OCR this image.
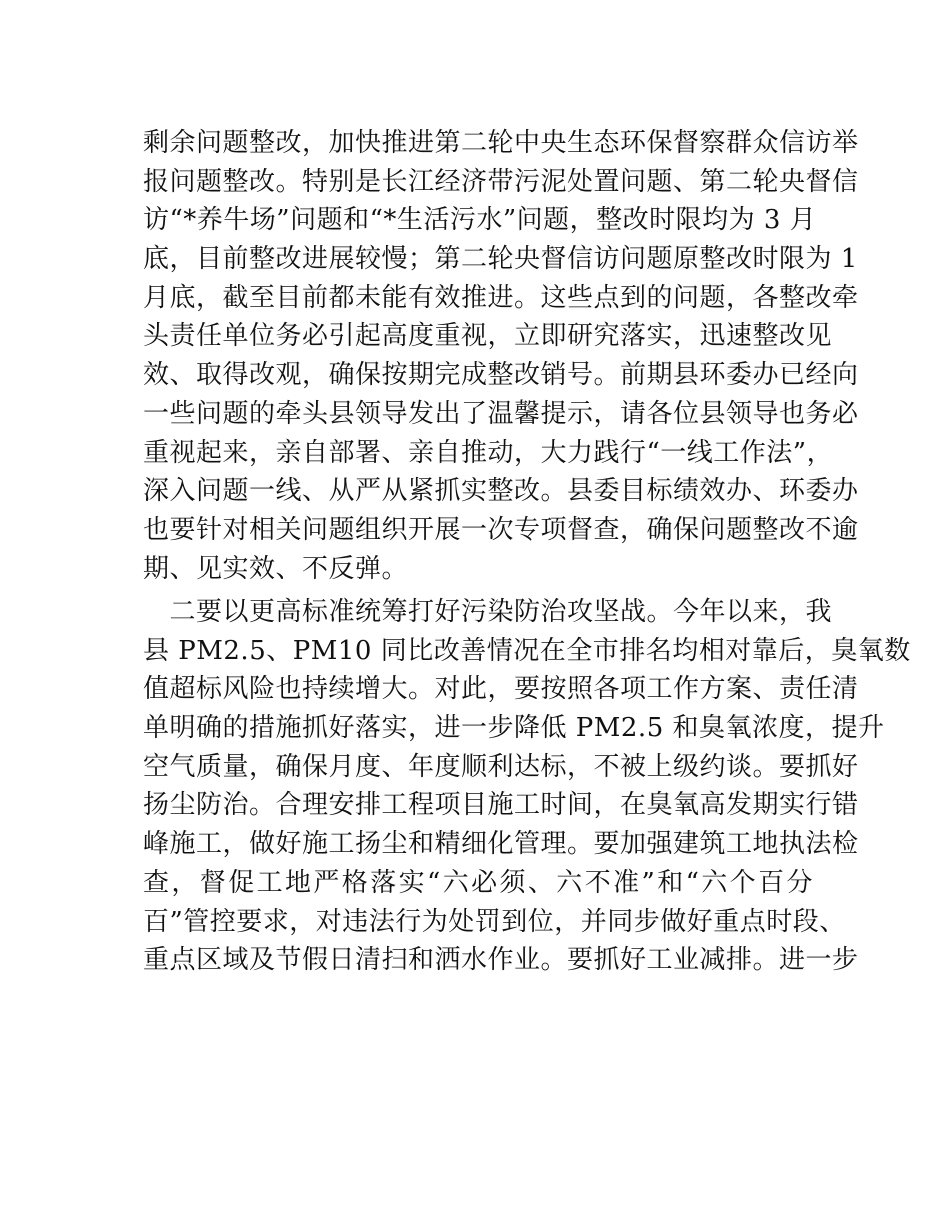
剩余问题整改，加快推进第二轮中央生态环保督察群众信访举
报问题整改。特别是长江经济带污泥处置问题、第二轮央督信
访“*养牛场”问题和“*生活污水”问题，整改时限均为 3 月
底，目前整改进展较慢；第二轮央督信访问题原整改时限为 1
月底，截至目前都未能有效推进。这些点到的问题，各整改牵
头责任单位务必引起高度重视，立即研究落实，迅速整改见
效、取得改观，确保按期完成整改销号。前期县环委办已经向
一些问题的牵头县领导发出了温馨提示，请各位县领导也务必
重视起来，亲自部署、亲自推动，大力践行“一线工作法”，
深入问题一线、从严从紧抓实整改。县委目标绩效办、环委办
也要针对相关问题组织开展一次专项督查，确保问题整改不逾
期、见实效、不反弹。
　二要以更高标准统筹打好污染防治攻坚战。今年以来，我
县 PM2.5、PM10 同比改善情况在全市排名均相对靠后，臭氧数
值超标风险也持续增大。对此，要按照各项工作方案、责任清
单明确的措施抓好落实，进一步降低 PM2.5 和臭氧浓度，提升
空气质量，确保月度、年度顺利达标，不被上级约谈。要抓好
扬尘防治。合理安排工程项目施工时间，在臭氧高发期实行错
峰施工，做好施工扬尘和精细化管理。要加强建筑工地执法检
查，督促工地严格落实“六必须、六不准”和“六个百分
百”管控要求，对违法行为处罚到位，并同步做好重点时段、
重点区域及节假日清扫和洒水作业。要抓好工业减排。进一步
